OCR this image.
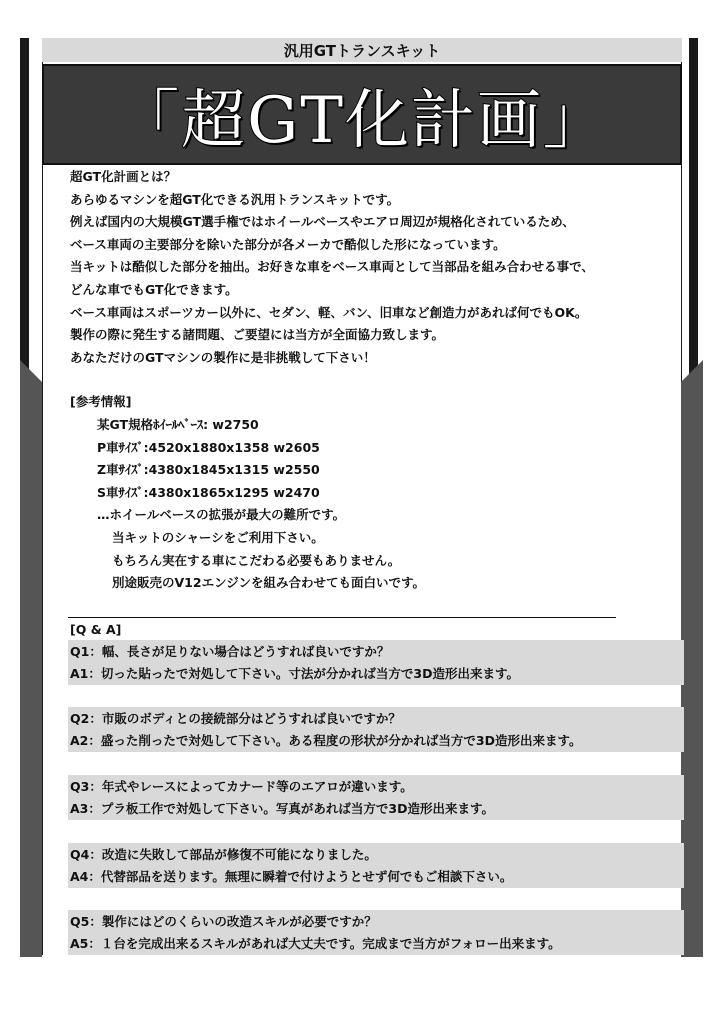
汎用GTトランスキット
「超GT化計画」
超GT化計画とは？
あらゆるマシンを超GT化できる汎用トランスキットです。
例えば国内の大規模GT選手権ではホイールベースやエアロ周辺が規格化されているため、
ベース車両の主要部分を除いた部分が各メーカで酷似した形になっています。
当キットは酷似した部分を抽出。お好きな車をベース車両として当部品を組み合わせる事で、
どんな車でもGT化できます。
ベース車両はスポーツカー以外に、セダン、軽、バン、旧車など創造力があれば何でもOK。
製作の際に発生する諸問題、ご要望には当方が全面協力致します。
あなただけのGTマシンの製作に是非挑戦して下さい！
[参考情報]
某GT規格ﾎｲｰﾙﾍﾞｰｽ: w2750
P車ｻｲｽﾞ:4520x1880x1358 w2605
Z車ｻｲｽﾞ:4380x1845x1315 w2550
S車ｻｲｽﾞ:4380x1865x1295 w2470
…ホイールベースの拡張が最大の難所です。
当キットのシャーシをご利用下さい。
もちろん実在する車にこだわる必要もありません。
別途販売のV12エンジンを組み合わせても面白いです。
[Q & A]
Q1：幅、長さが足りない場合はどうすれば良いですか？
A1：切った貼ったで対処して下さい。寸法が分かれば当方で3D造形出来ます。
Q2：市販のボディとの接続部分はどうすれば良いですか？
A2：盛った削ったで対処して下さい。ある程度の形状が分かれば当方で3D造形出来ます。
Q3：年式やレースによってカナード等のエアロが違います。
A3：プラ板工作で対処して下さい。写真があれば当方で3D造形出来ます。
Q4：改造に失敗して部品が修復不可能になりました。
A4：代替部品を送ります。無理に瞬着で付けようとせず何でもご相談下さい。
Q5：製作にはどのくらいの改造スキルが必要ですか？
A5：１台を完成出来るスキルがあれば大丈夫です。完成まで当方がフォロー出来ます。
